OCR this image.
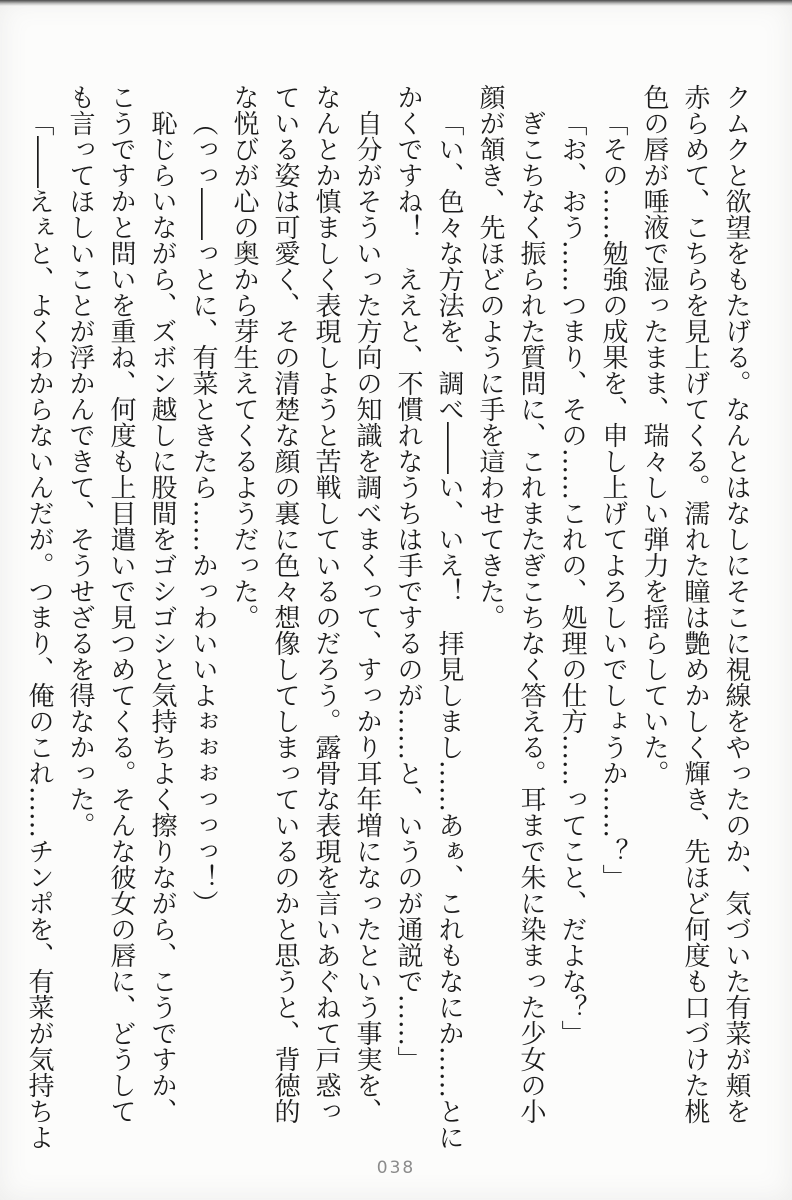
クムクと欲望をもたげる。なんとはなしにそこに視線をやったのか、気づいた有菜が頬を
赤らめて、こちらを見上げてくる。濡れた瞳は艶めかしく輝き、先ほど何度も口づけた桃
色の唇が唾液で湿ったまま、瑞々しい弾力を揺らしていた。
「その……勉強の成果を、申し上げてよろしいでしょうか……？」
「お、おう……つまり、その……これの、処理の仕方……ってこと、だよな？」
ぎこちなく振られた質問に、これまたぎこちなく答える。耳まで朱に染まった少女の小
顔が頷き、先ほどのように手を這わせてきた。
「い、色々な方法を、調べ――い、いえ！　拝見しまし……あぁ、これもなにか……とに
かくですね！　ええと、不慣れなうちは手でするのが……と、いうのが通説で……」
自分がそういった方向の知識を調べまくって、すっかり耳年増になったという事実を、
なんとか慎ましく表現しようと苦戦しているのだろう。露骨な表現を言いあぐねて戸惑っ
ている姿は可愛く、その清楚な顔の裏に色々想像してしまっているのかと思うと、背徳的
な悦びが心の奥から芽生えてくるようだった。
（っっ――っとに、有菜ときたら……かっわいいよぉぉぉっっっ！）
恥じらいながら、ズボン越しに股間をゴシゴシと気持ちよく擦りながら、こうですか、
こうですかと問いを重ね、何度も上目遣いで見つめてくる。そんな彼女の唇に、どうして
も言ってほしいことが浮かんできて、そうせざるを得なかった。
「――えぇと、よくわからないんだが。つまり、俺のこれ……チンポを、有菜が気持ちよ
038
